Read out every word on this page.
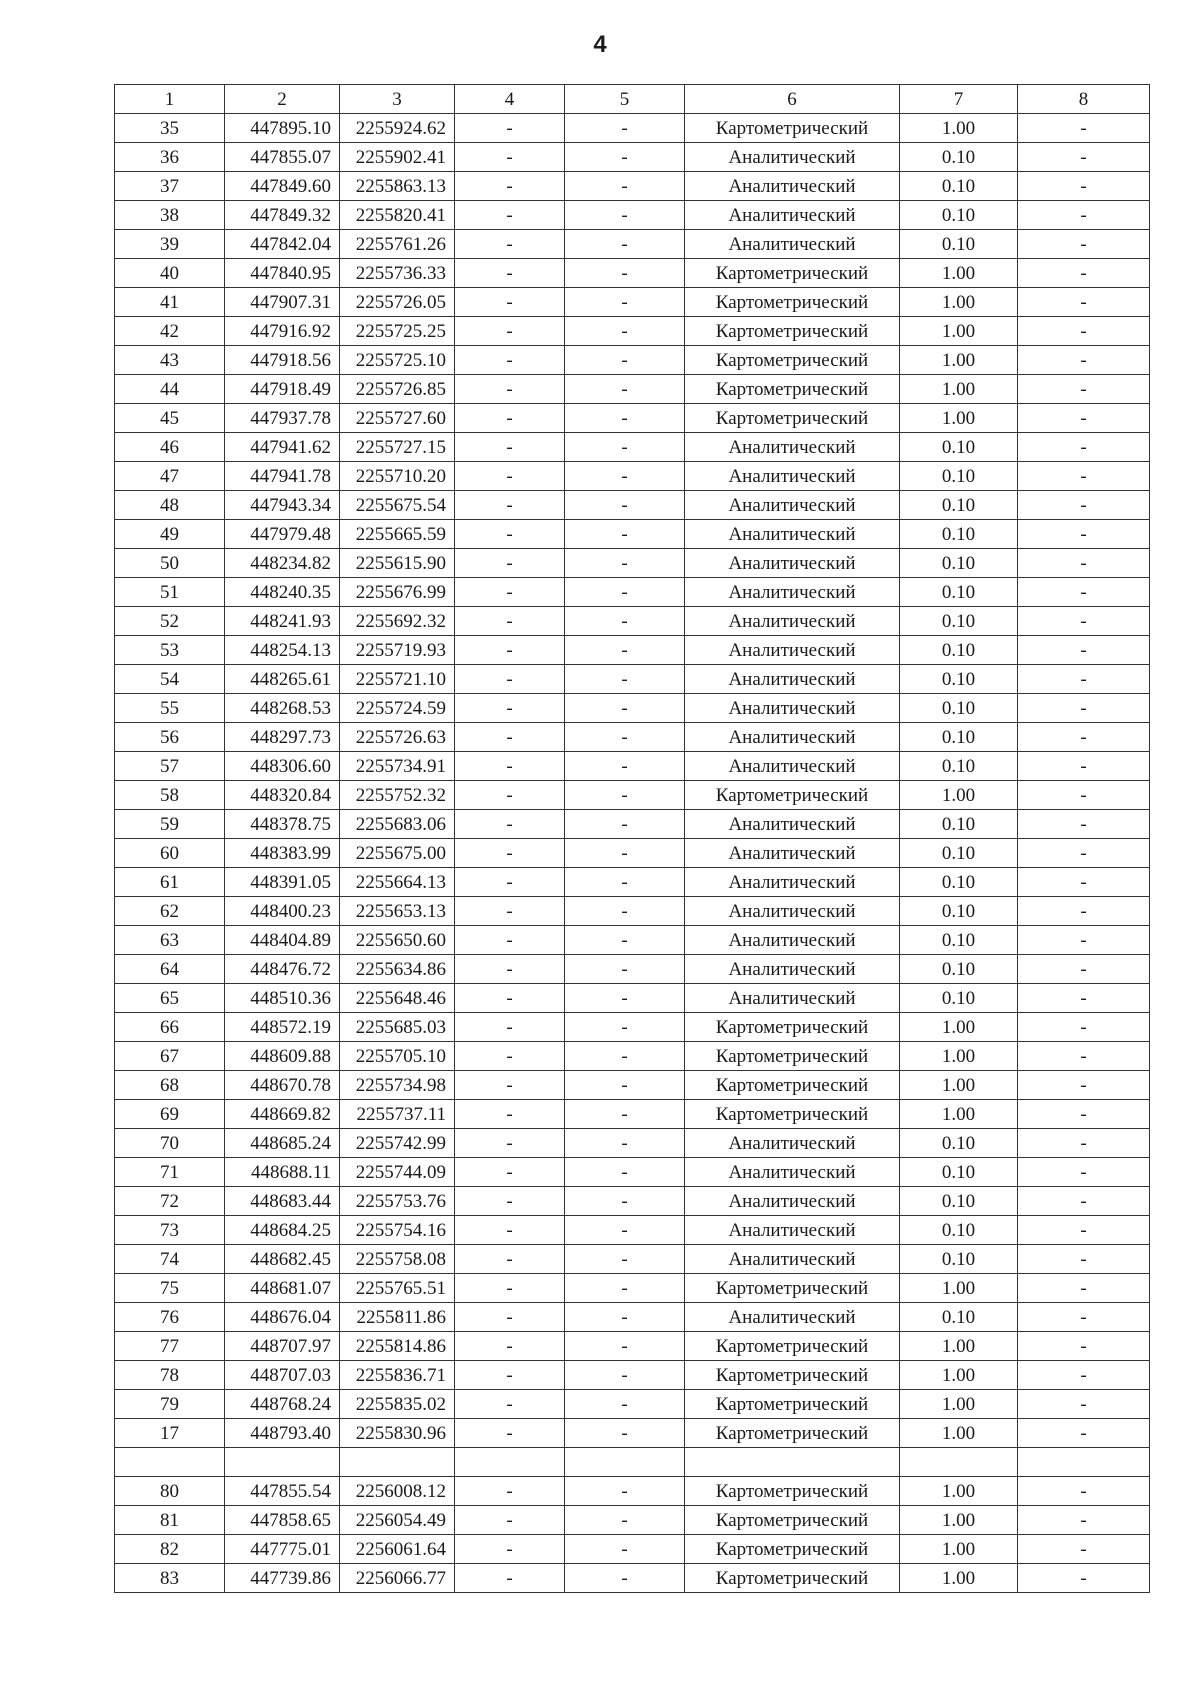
4
1	2	3	4	5	6	7	8
35	447895.10	2255924.62	-	-	Картометрический	1.00	-
36	447855.07	2255902.41	-	-	Аналитический	0.10	-
37	447849.60	2255863.13	-	-	Аналитический	0.10	-
38	447849.32	2255820.41	-	-	Аналитический	0.10	-
39	447842.04	2255761.26	-	-	Аналитический	0.10	-
40	447840.95	2255736.33	-	-	Картометрический	1.00	-
41	447907.31	2255726.05	-	-	Картометрический	1.00	-
42	447916.92	2255725.25	-	-	Картометрический	1.00	-
43	447918.56	2255725.10	-	-	Картометрический	1.00	-
44	447918.49	2255726.85	-	-	Картометрический	1.00	-
45	447937.78	2255727.60	-	-	Картометрический	1.00	-
46	447941.62	2255727.15	-	-	Аналитический	0.10	-
47	447941.78	2255710.20	-	-	Аналитический	0.10	-
48	447943.34	2255675.54	-	-	Аналитический	0.10	-
49	447979.48	2255665.59	-	-	Аналитический	0.10	-
50	448234.82	2255615.90	-	-	Аналитический	0.10	-
51	448240.35	2255676.99	-	-	Аналитический	0.10	-
52	448241.93	2255692.32	-	-	Аналитический	0.10	-
53	448254.13	2255719.93	-	-	Аналитический	0.10	-
54	448265.61	2255721.10	-	-	Аналитический	0.10	-
55	448268.53	2255724.59	-	-	Аналитический	0.10	-
56	448297.73	2255726.63	-	-	Аналитический	0.10	-
57	448306.60	2255734.91	-	-	Аналитический	0.10	-
58	448320.84	2255752.32	-	-	Картометрический	1.00	-
59	448378.75	2255683.06	-	-	Аналитический	0.10	-
60	448383.99	2255675.00	-	-	Аналитический	0.10	-
61	448391.05	2255664.13	-	-	Аналитический	0.10	-
62	448400.23	2255653.13	-	-	Аналитический	0.10	-
63	448404.89	2255650.60	-	-	Аналитический	0.10	-
64	448476.72	2255634.86	-	-	Аналитический	0.10	-
65	448510.36	2255648.46	-	-	Аналитический	0.10	-
66	448572.19	2255685.03	-	-	Картометрический	1.00	-
67	448609.88	2255705.10	-	-	Картометрический	1.00	-
68	448670.78	2255734.98	-	-	Картометрический	1.00	-
69	448669.82	2255737.11	-	-	Картометрический	1.00	-
70	448685.24	2255742.99	-	-	Аналитический	0.10	-
71	448688.11	2255744.09	-	-	Аналитический	0.10	-
72	448683.44	2255753.76	-	-	Аналитический	0.10	-
73	448684.25	2255754.16	-	-	Аналитический	0.10	-
74	448682.45	2255758.08	-	-	Аналитический	0.10	-
75	448681.07	2255765.51	-	-	Картометрический	1.00	-
76	448676.04	2255811.86	-	-	Аналитический	0.10	-
77	448707.97	2255814.86	-	-	Картометрический	1.00	-
78	448707.03	2255836.71	-	-	Картометрический	1.00	-
79	448768.24	2255835.02	-	-	Картометрический	1.00	-
17	448793.40	2255830.96	-	-	Картометрический	1.00	-

80	447855.54	2256008.12	-	-	Картометрический	1.00	-
81	447858.65	2256054.49	-	-	Картометрический	1.00	-
82	447775.01	2256061.64	-	-	Картометрический	1.00	-
83	447739.86	2256066.77	-	-	Картометрический	1.00	-
